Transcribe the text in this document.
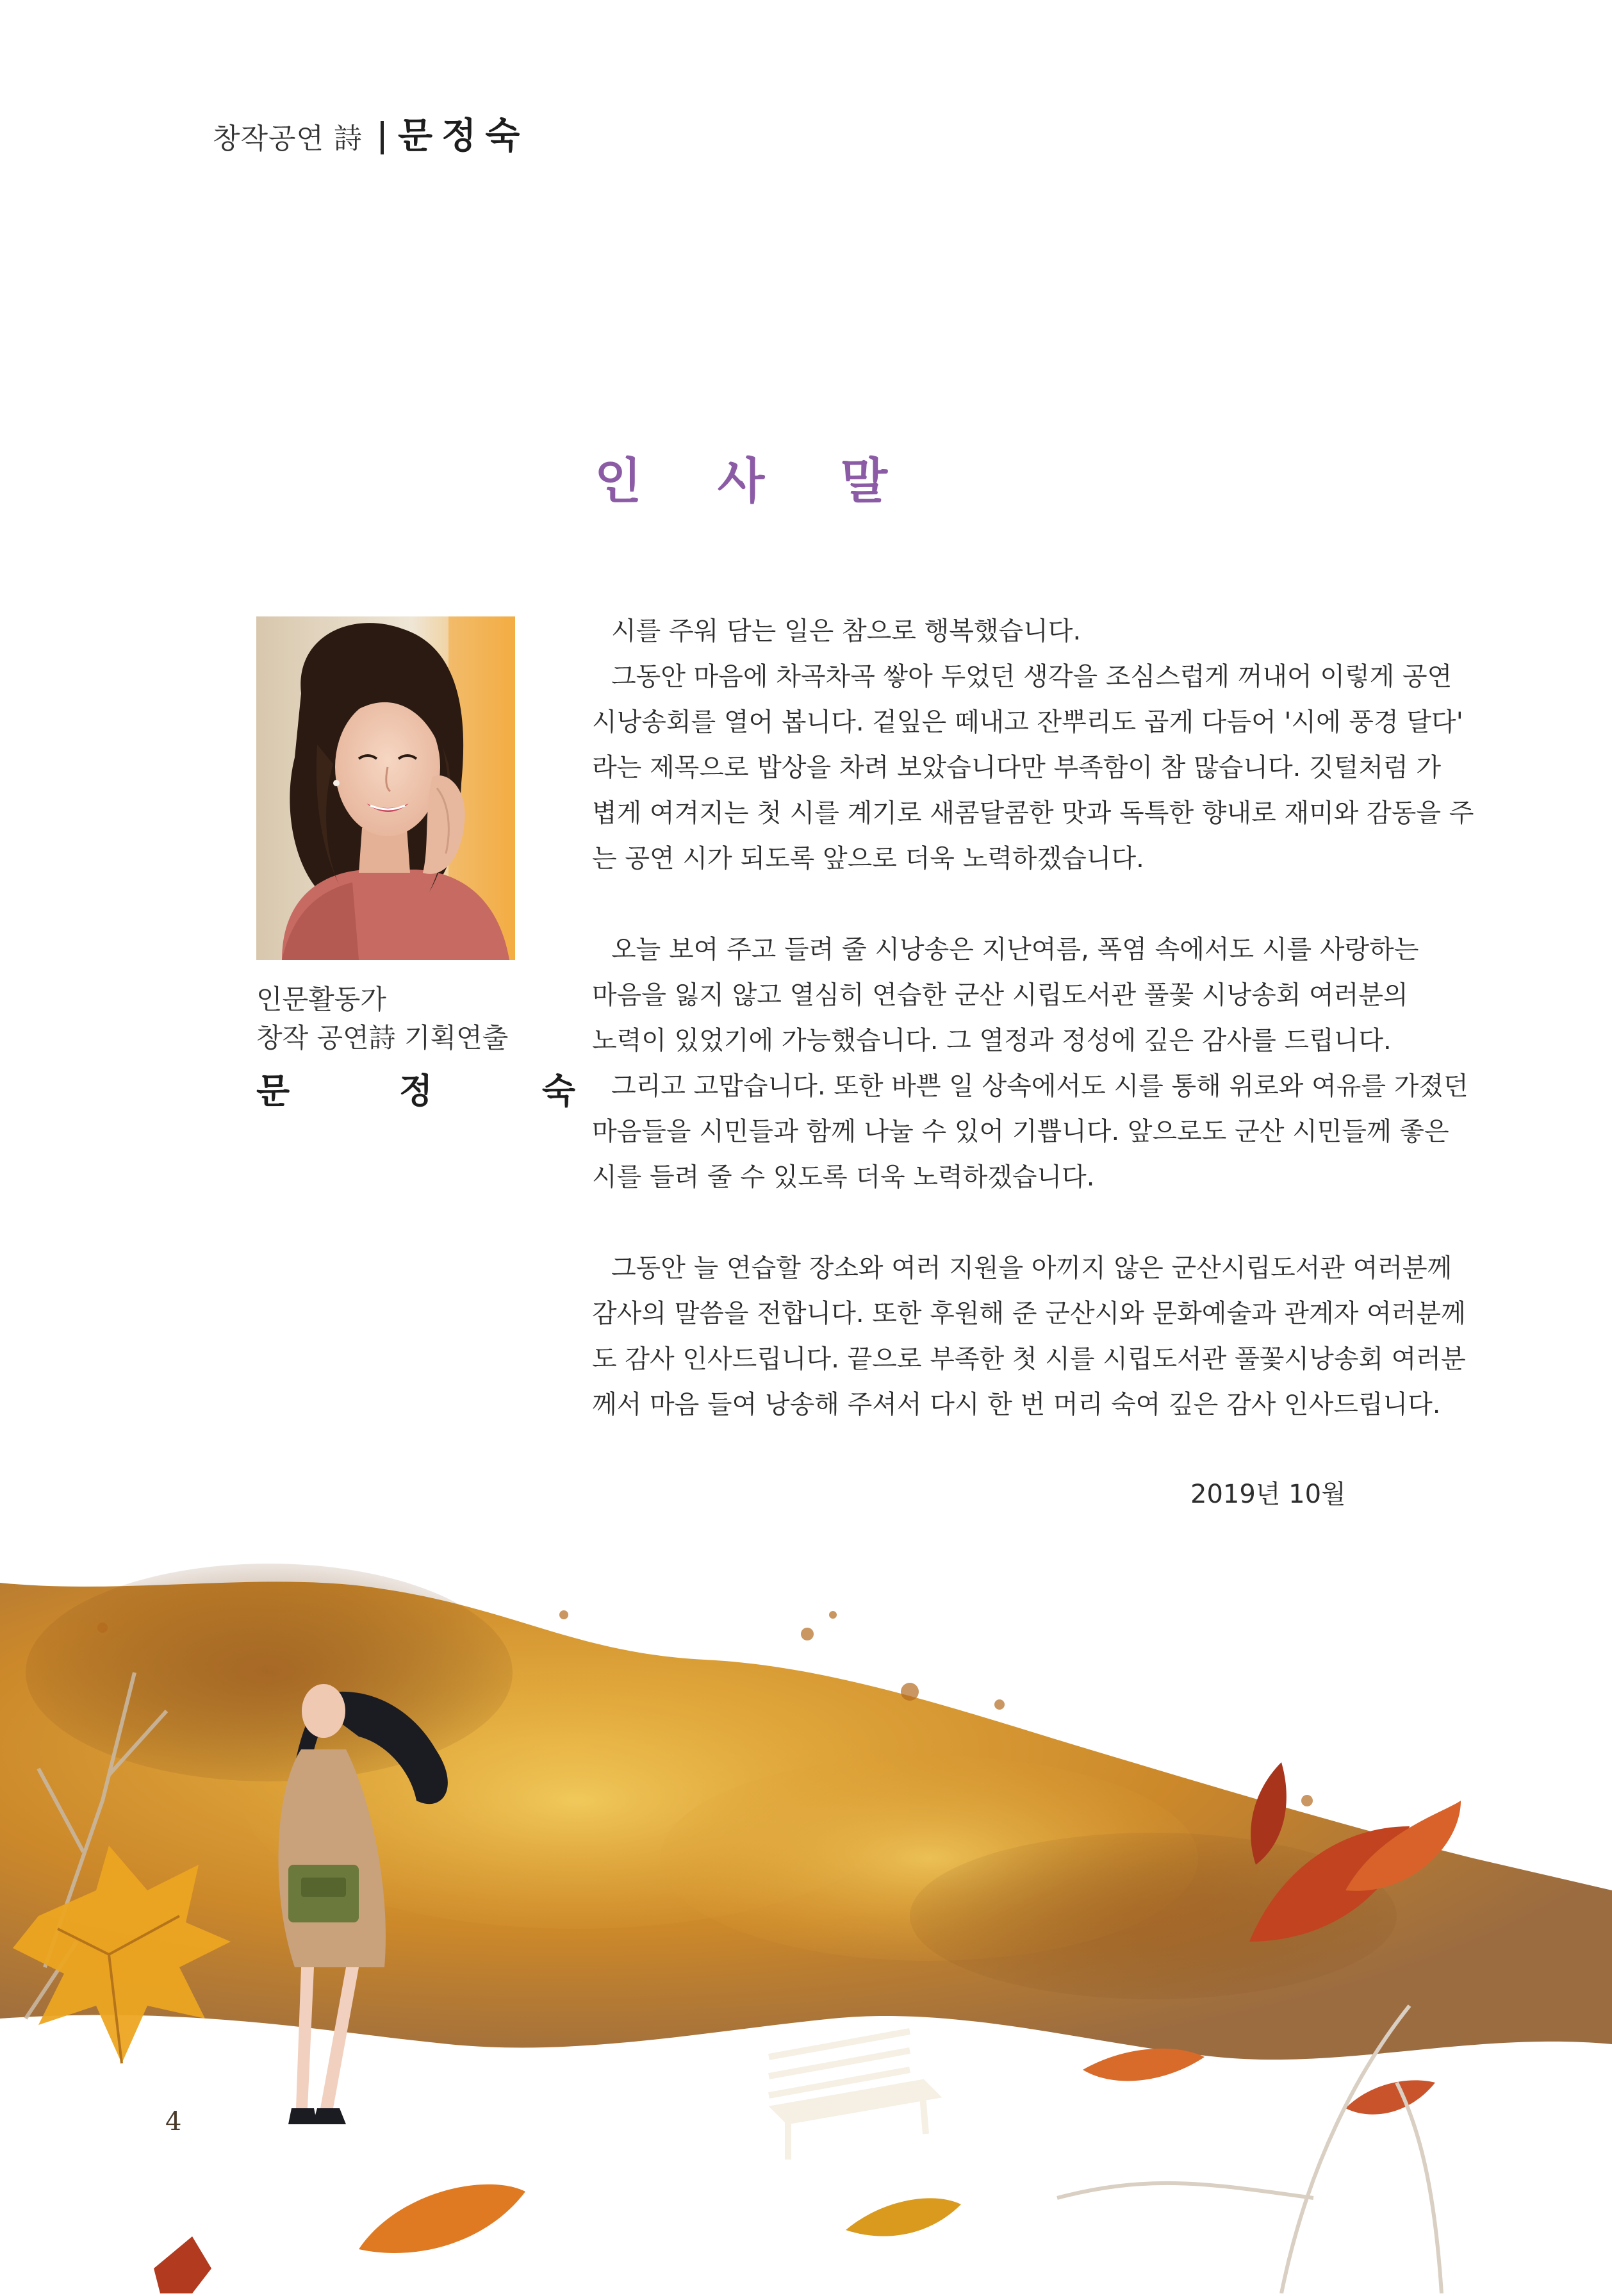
창작공연 詩 문정숙
인 사 말
인문활동가
창작 공연詩 기획연출
문 정 숙

시를 주워 담는 일은 참으로 행복했습니다.

그동안 마음에 차곡차곡 쌓아 두었던 생각을 조심스럽게 꺼내어 이렇게 공연

시낭송회를 열어 봅니다. 겉잎은 떼내고 잔뿌리도 곱게 다듬어 '시에 풍경 달다'

라는 제목으로 밥상을 차려 보았습니다만 부족함이 참 많습니다. 깃털처럼 가

볍게 여겨지는 첫 시를 계기로 새콤달콤한 맛과 독특한 향내로 재미와 감동을 주

는 공연 시가 되도록 앞으로 더욱 노력하겠습니다.

오늘 보여 주고 들려 줄 시낭송은 지난여름, 폭염 속에서도 시를 사랑하는

마음을 잃지 않고 열심히 연습한 군산 시립도서관 풀꽃 시낭송회 여러분의

노력이 있었기에 가능했습니다. 그 열정과 정성에 깊은 감사를 드립니다.

그리고 고맙습니다. 또한 바쁜 일 상속에서도 시를 통해 위로와 여유를 가졌던

마음들을 시민들과 함께 나눌 수 있어 기쁩니다. 앞으로도 군산 시민들께 좋은

시를 들려 줄 수 있도록 더욱 노력하겠습니다.

그동안 늘 연습할 장소와 여러 지원을 아끼지 않은 군산시립도서관 여러분께

감사의 말씀을 전합니다. 또한 후원해 준 군산시와 문화예술과 관계자 여러분께

도 감사 인사드립니다. 끝으로 부족한 첫 시를 시립도서관 풀꽃시낭송회 여러분

께서 마음 들여 낭송해 주셔서 다시 한 번 머리 숙여 깊은 감사 인사드립니다.

2019년 10월
4
